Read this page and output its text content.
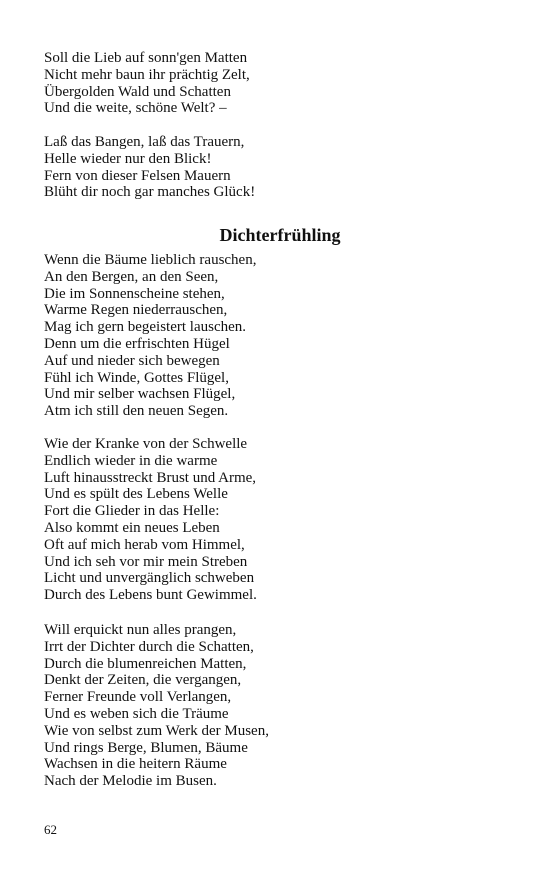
Soll die Lieb auf sonn'gen Matten
Nicht mehr baun ihr prächtig Zelt,
Übergolden Wald und Schatten
Und die weite, schöne Welt? –
Laß das Bangen, laß das Trauern,
Helle wieder nur den Blick!
Fern von dieser Felsen Mauern
Blüht dir noch gar manches Glück!
Dichterfrühling
Wenn die Bäume lieblich rauschen,
An den Bergen, an den Seen,
Die im Sonnenscheine stehen,
Warme Regen niederrauschen,
Mag ich gern begeistert lauschen.
Denn um die erfrischten Hügel
Auf und nieder sich bewegen
Fühl ich Winde, Gottes Flügel,
Und mir selber wachsen Flügel,
Atm ich still den neuen Segen.
Wie der Kranke von der Schwelle
Endlich wieder in die warme
Luft hinausstreckt Brust und Arme,
Und es spült des Lebens Welle
Fort die Glieder in das Helle:
Also kommt ein neues Leben
Oft auf mich herab vom Himmel,
Und ich seh vor mir mein Streben
Licht und unvergänglich schweben
Durch des Lebens bunt Gewimmel.
Will erquickt nun alles prangen,
Irrt der Dichter durch die Schatten,
Durch die blumenreichen Matten,
Denkt der Zeiten, die vergangen,
Ferner Freunde voll Verlangen,
Und es weben sich die Träume
Wie von selbst zum Werk der Musen,
Und rings Berge, Blumen, Bäume
Wachsen in die heitern Räume
Nach der Melodie im Busen.
62
